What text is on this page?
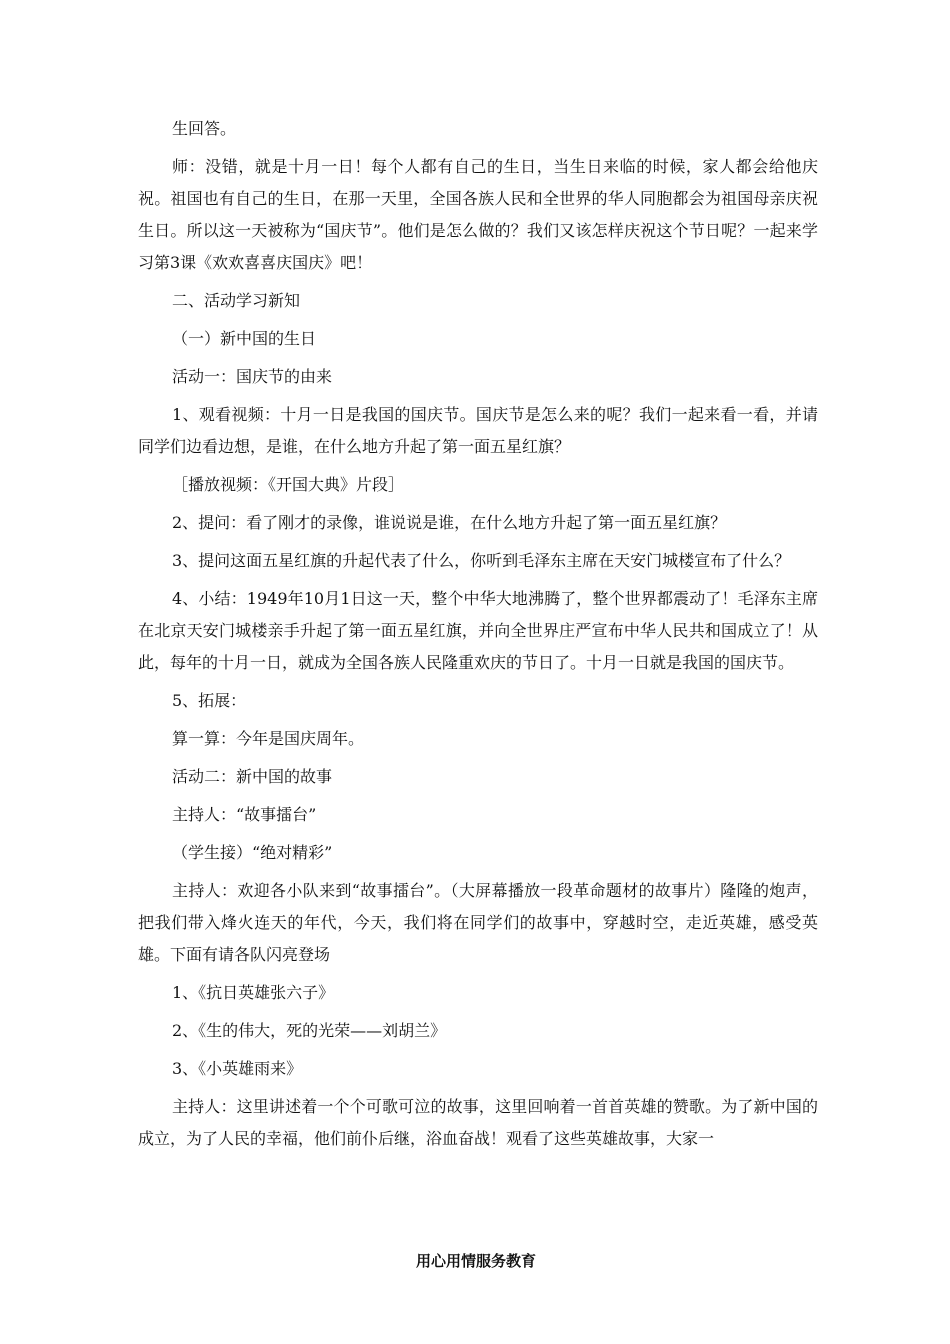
生回答。

师：没错，就是十月一日！每个人都有自己的生日，当生日来临的时候，家人都会给他庆祝。祖国也有自己的生日，在那一天里，全国各族人民和全世界的华人同胞都会为祖国母亲庆祝生日。所以这一天被称为“国庆节”。他们是怎么做的？我们又该怎样庆祝这个节日呢？一起来学习第3课《欢欢喜喜庆国庆》吧！

二、活动学习新知

（一）新中国的生日

活动一：国庆节的由来

1、观看视频：十月一日是我国的国庆节。国庆节是怎么来的呢？我们一起来看一看，并请同学们边看边想，是谁，在什么地方升起了第一面五星红旗？

［播放视频：《开国大典》片段］

2、提问：看了刚才的录像，谁说说是谁，在什么地方升起了第一面五星红旗？

3、提问这面五星红旗的升起代表了什么，你听到毛泽东主席在天安门城楼宣布了什么？

4、小结：1949年10月1日这一天，整个中华大地沸腾了，整个世界都震动了！毛泽东主席在北京天安门城楼亲手升起了第一面五星红旗，并向全世界庄严宣布中华人民共和国成立了！从此，每年的十月一日，就成为全国各族人民隆重欢庆的节日了。十月一日就是我国的国庆节。

5、拓展：

算一算：今年是国庆周年。

活动二：新中国的故事

主持人：“故事擂台”

（学生接）“绝对精彩”

主持人：欢迎各小队来到“故事擂台”。（大屏幕播放一段革命题材的故事片）隆隆的炮声，把我们带入烽火连天的年代，今天，我们将在同学们的故事中，穿越时空，走近英雄，感受英雄。下面有请各队闪亮登场

1、《抗日英雄张六子》

2、《生的伟大，死的光荣——刘胡兰》

3、《小英雄雨来》

主持人：这里讲述着一个个可歌可泣的故事，这里回响着一首首英雄的赞歌。为了新中国的成立，为了人民的幸福，他们前仆后继，浴血奋战！观看了这些英雄故事，大家一

用心用情服务教育
